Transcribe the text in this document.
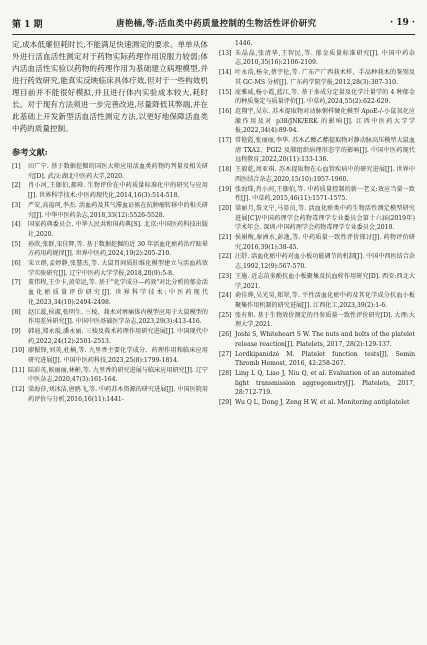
第 1 期	唐艳楠,等:活血类中药质量控制的生物活性评价研究	· 19 ·

定,成本低廉但耗时长,不能满足快速测定的要求。单单从体外进行活血活性测定对于药物实际药理作用说服力较弱;体内活血活性实验以药物的药理作用为基础建立病理模型,并进行药效研究,能真实反映临床具体疗效,但对于一些构效机理目前并不能很好模拟,并且进行体内实验成本较大,耗时长。对于现有方法须进一步完善改进,尽量降低其弊端,并在此基础上开发新型活血活性测定方法,以更好地保障活血类中药的质量控制。

参考文献:
[1]	田广宁. 基于数据挖掘的国医大师应用活血类药物的判量及相关研究[D]. 武汉:湖北中医药大学,2020.
[2]	肖小河,王伽伯,郝舜. 生物评价在中药质量标准化中的研究与应用[J]. 世界科学技术:中医药现代化,2014,16(3):514-518.
[3]	严安,高福珂,李杰. 活血药及其气滞血证候在抗肿瘤转移中的相关研究[J]. 中华中医药杂志,2018,33(12):5526-5528.
[4]	国家药典委员会. 中华人民共和国药典[S]. 北京:中国医药科技出版社,2020.
[5]	孙欣,张群,宋佳辉,等. 基于数据挖掘的近 30 年活血化瘀药治疗眩晕方药用药规律[J]. 世界中医药,2024,19(2):205-210.
[6]	宋立群,孟婷静,张慧杰,等. 大鼠胃间质肝维化模型建立与活血药效学实验研究[J]. 辽宁中医药大学学报,2018,20(9):5-8.
[7]	董伟程,王少卡,黄荣运,等. 基于"化学成分—药效"对比分析的郁金活血化瘀质量评价研究[J]. 世界科学技术:中医药现代化,2023,34(10):2494-2498.
[8]	赵江蕊,侯淑,张明生. 三棱、莪术对痹痛体内模型应用于大鼠模型的作用差异研究[J]. 中国中医基础医学杂志,2023,29(3):413-416.
[9]	韩迪,郑永琨,潘永丽. 三棱及莪术药理作用研究进展[J]. 中国现代中药,2022,24(12):2501-2513.
[10] 廖振锋,刘英,杜楠,等. 九里香主要化学成分、药理作用和临床应用研究进展[J]. 中国中医药科技,2023,25(8):1799-1814.
[11] 陆彩英,候丽丽,林彬,等. 九里香的研究进展与临床应用研究[J]. 辽宁中医杂志,2020,47(3):161-164.
[12] 梁海莎,刘冰洁,唐鸥飞,等. 中药苏木资源的研究进展[J]. 中国医院用药评价与分析,2016,16(11):1441-
1446.
[13] 朱晶晶,张清华,王智民,等. 郁金质量标准研究[J]. 中国中药杂志,2010,35(16):2106-2109.
[14] 叶永浩,杨全,蔡宇伦,等. 广东产广西莪术样、手品种莪术的鉴别及其 GC-MS 分析[J]. 广东药学院学报,2012,28(3):307-310.
[15] 庞雅威,杨小霞,蓝江,等. 基于多成分定量及化学计量学的 4 种郁金的种质鉴定与质量评价[J]. 中草药,2024,55(2):622-629.
[16] 范翔宇,吴东. 苏木提取物对动脉粥样硬化模型 ApoE-/-小鼠氧化应激作用及对 p38/JNK/ERK 的影响[J]. 江西中医药大学学报,2022,34(4):89-94.
[17] 常艳霞,张丽丽,李华. 苏木乙酸乙酯提取物对静动脉高压模型大鼠血清 TXA2、PGI2 及肺组织病理形态学的影响[J]. 中国中医药现代远程教育,2022,20(11):133-136.
[18] 王毅乾,周亚琪. 苏木提取物在心血管疾病中的研究进展[J]. 世界中西医结合杂志,2020,15(10):1957-1960.
[19] 张海珠,肖小河,王伽伯,等. 中药质量控制的新一老义:效应当量一致性[J]. 中草药,2015,46(11):1571-1575.
[20] 梁丽月,詹文宁,马显员,等. 活血化瘀类中药生物活性测定模型研究进展[C]//中国药理学会药物毒理学专业委员会第十六届(2019年)学术年会. 深圳:中国药理学会药物毒理学专业委员会,2019.
[21] 侯娟梅,秦洲水,彭逸,等. 中药质量一致性评价探讨[J]. 药物评价研究,2016,39(1):38-45.
[22] 汪舒. 活血化瘀中药对血小板功能调节的机制[J]. 中国中西医结合杂志,1992,12(9):567-570.
[23] 王施. 近志苗多酚抗血小板聚集及抗血栓作用研究[D]. 西安:西北大学,2021.
[24] 俞佳烨,吴光昊,郑翠,等. 平性活血化瘀中药及其化学成分抗血小板聚集作用机制的研究进展[J]. 江西化工,2023,39(2):1-6.
[25] 张有和. 基于生物效价测定的丹参质量一致性评价研究[D]. 大理:大理大学,2021.
[26] Joshi S, Whiteheart S W. The nuts and bolts of the platelet release reaction[J]. Platelets, 2017, 28(2):129-137.
[27] Lordkipanidzé M. Platelet function tests[J]. Semin Thromb Hemost, 2016, 42:258-267.
[28] Ling L Q, Liao J, Niu Q, et al. Evaluation of an automated light transmission aggregometry[J]. Platelets, 2017, 28:712-719.
[29] Wu Q L, Dong J, Zeng H W, et al. Monitoring antiplatelet
